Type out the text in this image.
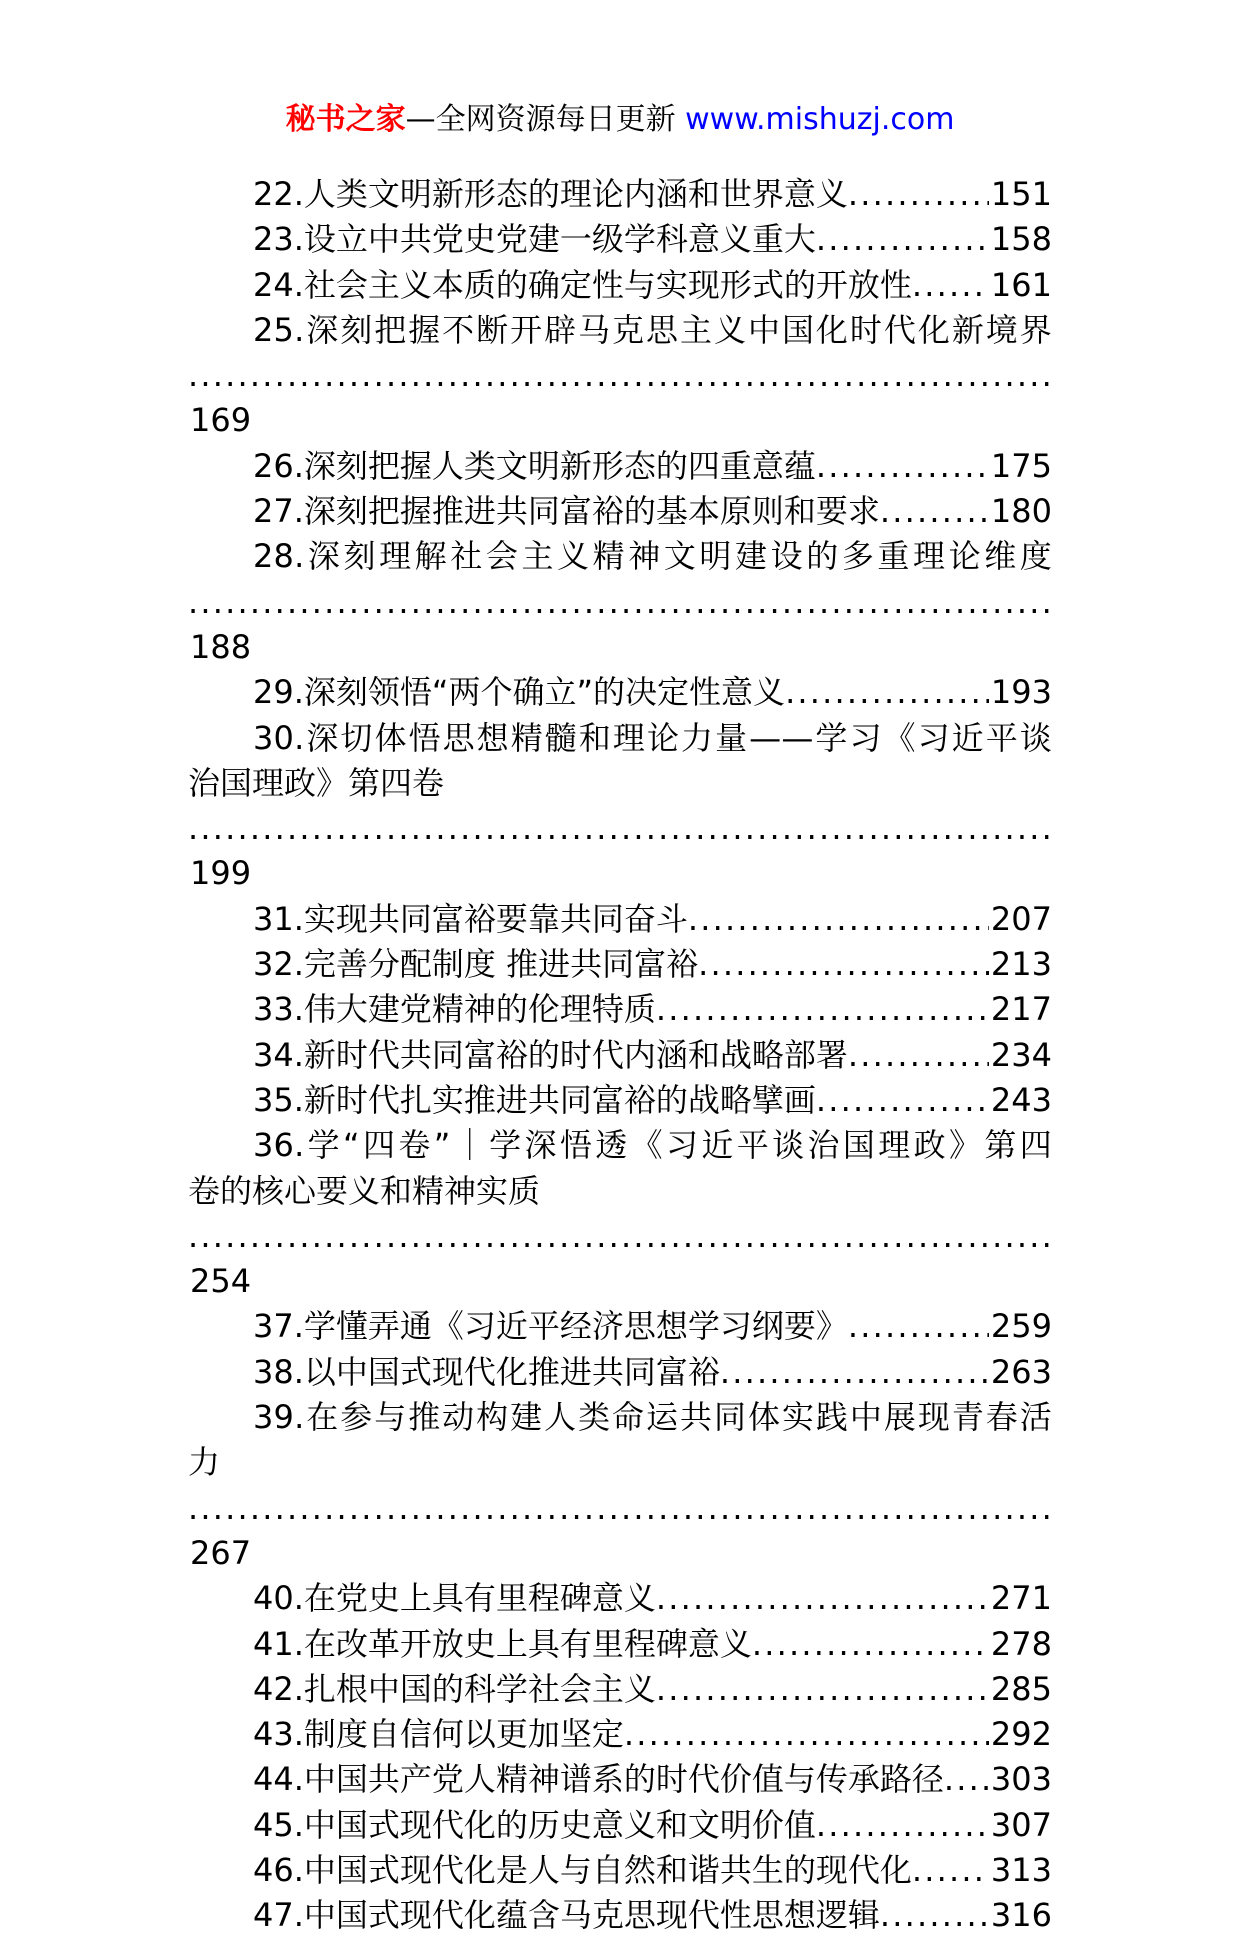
秘书之家—全网资源每日更新 www.mishuzj.com
22.人类文明新形态的理论内涵和世界意义 .....	151
23.设立中共党史党建一级学科意义重大 .....	158
24.社会主义本质的确定性与实现形式的开放性 ..... 161
25.深刻把握不断开辟马克思主义中国化时代化新境界
.....
169
26.深刻把握人类文明新形态的四重意蕴 .....	175
27.深刻把握推进共同富裕的基本原则和要求 .....	180
28.深刻理解社会主义精神文明建设的多重理论维度
.....
188
29.深刻领悟“两个确立”的决定性意义 .....	193
30.深切体悟思想精髓和理论力量——学习《习近平谈
治国理政》第四卷
.....
199
31.实现共同富裕要靠共同奋斗 .....	207
32.完善分配制度 推进共同富裕 .....	213
33.伟大建党精神的伦理特质 .....	217
34.新时代共同富裕的时代内涵和战略部署 .....	234
35.新时代扎实推进共同富裕的战略擘画 .....	243
36.学“四卷”｜学深悟透《习近平谈治国理政》第四
卷的核心要义和精神实质
.....
254
37.学懂弄通《习近平经济思想学习纲要》 .....	259
38.以中国式现代化推进共同富裕 .....	263
39.在参与推动构建人类命运共同体实践中展现青春活
力
.....
267
40.在党史上具有里程碑意义 .....	271
41.在改革开放史上具有里程碑意义 .....	278
42.扎根中国的科学社会主义 .....	285
43.制度自信何以更加坚定 .....	292
44.中国共产党人精神谱系的时代价值与传承路径 ..... 303
45.中国式现代化的历史意义和文明价值 .....	307
46.中国式现代化是人与自然和谐共生的现代化 ..... 313
47.中国式现代化蕴含马克思现代性思想逻辑 .....	316
